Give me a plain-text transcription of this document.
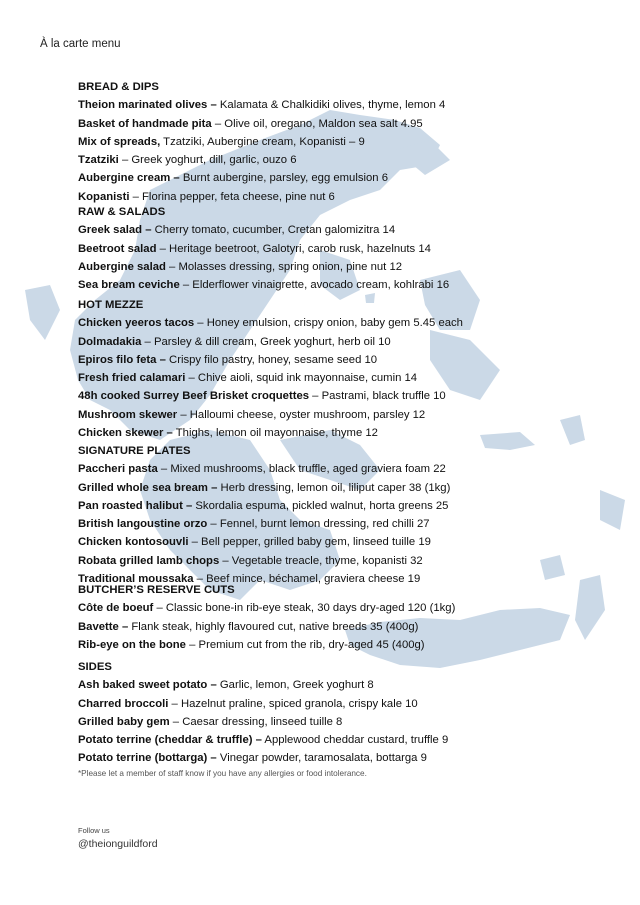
À la carte menu
BREAD & DIPS
Theion marinated olives – Kalamata & Chalkidiki olives, thyme, lemon 4
Basket of handmade pita – Olive oil, oregano, Maldon sea salt 4.95
Mix of spreads, Tzatziki, Aubergine cream, Kopanisti – 9
Tzatziki – Greek yoghurt, dill, garlic, ouzo 6
Aubergine cream – Burnt aubergine, parsley, egg emulsion 6
Kopanisti – Florina pepper, feta cheese, pine nut 6
RAW & SALADS
Greek salad – Cherry tomato, cucumber, Cretan galomizitra 14
Beetroot salad – Heritage beetroot, Galotyri, carob rusk, hazelnuts 14
Aubergine salad – Molasses dressing, spring onion, pine nut 12
Sea bream ceviche – Elderflower vinaigrette, avocado cream, kohlrabi 16
HOT MEZZE
Chicken yeeros tacos – Honey emulsion, crispy onion, baby gem 5.45 each
Dolmadakia – Parsley & dill cream, Greek yoghurt, herb oil 10
Epiros filo feta – Crispy filo pastry, honey, sesame seed 10
Fresh fried calamari – Chive aioli, squid ink mayonnaise, cumin 14
48h cooked Surrey Beef Brisket croquettes – Pastrami, black truffle 10
Mushroom skewer – Halloumi cheese, oyster mushroom, parsley 12
Chicken skewer – Thighs, lemon oil mayonnaise, thyme 12
SIGNATURE PLATES
Paccheri pasta – Mixed mushrooms, black truffle, aged graviera foam 22
Grilled whole sea bream – Herb dressing, lemon oil, liliput caper 38 (1kg)
Pan roasted halibut – Skordalia espuma, pickled walnut, horta greens 25
British langoustine orzo – Fennel, burnt lemon dressing, red chilli 27
Chicken kontosouvli – Bell pepper, grilled baby gem, linseed tuille 19
Robata grilled lamb chops – Vegetable treacle, thyme, kopanisti 32
Traditional moussaka – Beef mince, béchamel, graviera cheese 19
BUTCHER’S RESERVE CUTS
Côte de boeuf – Classic bone-in rib-eye steak, 30 days dry-aged 120 (1kg)
Bavette – Flank steak, highly flavoured cut, native breeds 35 (400g)
Rib-eye on the bone – Premium cut from the rib, dry-aged 45 (400g)
SIDES
Ash baked sweet potato – Garlic, lemon, Greek yoghurt 8
Charred broccoli – Hazelnut praline, spiced granola, crispy kale 10
Grilled baby gem – Caesar dressing, linseed tuille 8
Potato terrine (cheddar & truffle) – Applewood cheddar custard, truffle 9
Potato terrine (bottarga) – Vinegar powder, taramosalata, bottarga 9
*Please let a member of staff know if you have any allergies or food intolerance.
Follow us
@theionguildford
